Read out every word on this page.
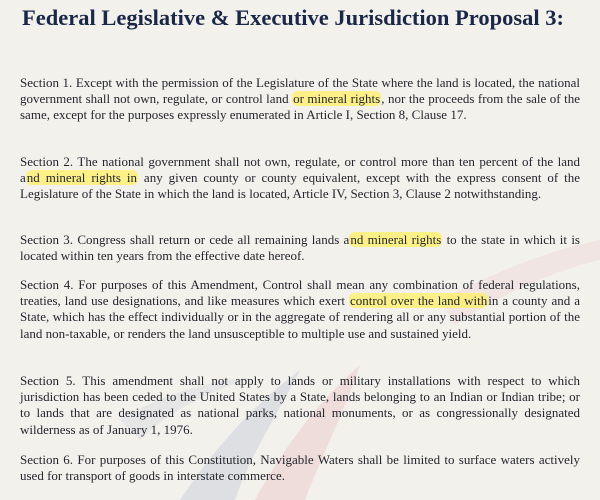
Federal Legislative & Executive Jurisdiction Proposal 3:

Section 1. Except with the permission of the Legislature of the State where the land is located, the national government shall not own, regulate, or control land or mineral rights, nor the proceeds from the sale of the same, except for the purposes expressly enumerated in Article I, Section 8, Clause 17.

Section 2. The national government shall not own, regulate, or control more than ten percent of the land and mineral rights in any given county or county equivalent, except with the express consent of the Legislature of the State in which the land is located, Article IV, Section 3, Clause 2 notwithstanding.

Section 3. Congress shall return or cede all remaining lands and mineral rights to the state in which it is located within ten years from the effective date hereof.

Section 4. For purposes of this Amendment, Control shall mean any combination of federal regulations, treaties, land use designations, and like measures which exert control over the land within a county and a State, which has the effect individually or in the aggregate of rendering all or any substantial portion of the land non-taxable, or renders the land unsusceptible to multiple use and sustained yield.

Section 5. This amendment shall not apply to lands or military installations with respect to which jurisdiction has been ceded to the United States by a State, lands belonging to an Indian or Indian tribe; or to lands that are designated as national parks, national monuments, or as congressionally designated wilderness as of January 1, 1976.

Section 6. For purposes of this Constitution, Navigable Waters shall be limited to surface waters actively used for transport of goods in interstate commerce.
